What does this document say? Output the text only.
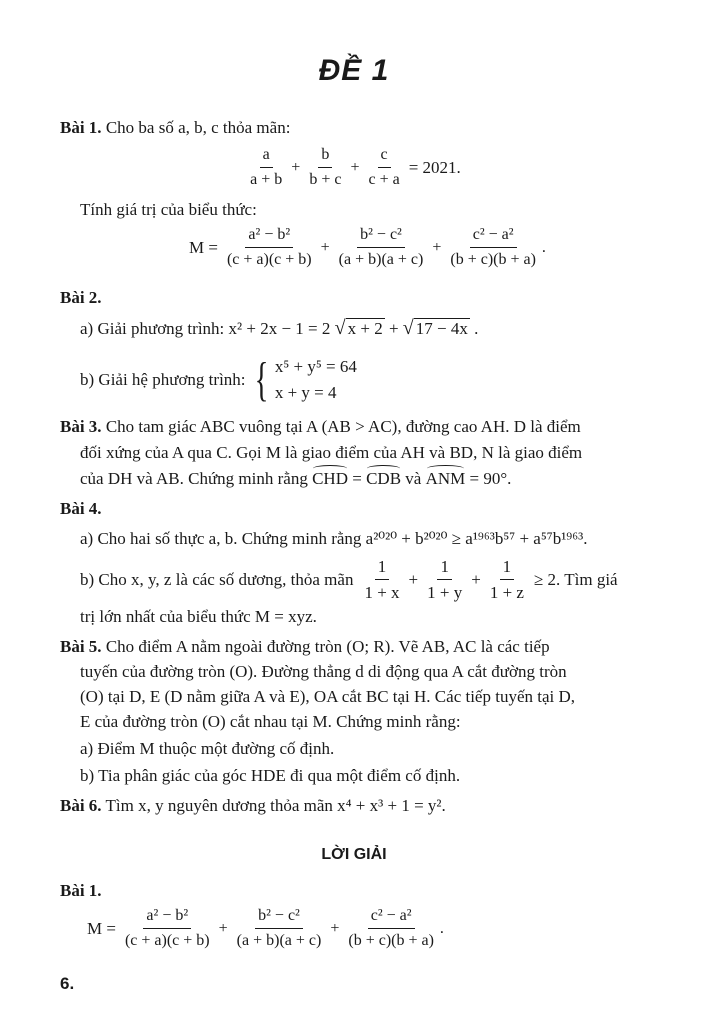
ĐỀ 1
Bài 1. Cho ba số a, b, c thỏa mãn:
$\frac{a}{a + b} + \frac{b}{b + c} + \frac{c}{c + a} = 2021$.
Tính giá trị của biểu thức:
$M = \frac{\text{a² − b²}}{(c + a)(c + b)} + \frac{\text{b² − c²}}{(a + b)(a + c)} + \frac{\text{c² − a²}}{(b + c)(b + a)}$ .
Bài 2.
a) Giải phương trình: x² + 2x − 1 = 2 √ x + 2 + √ 17 − 4x .
b) Giải hệ phương trình: { x⁵ + y⁵ = 64
x + y = 4
Bài 3. Cho tam giác ABC vuông tại A (AB > AC), đường cao AH. D là điểm
đối xứng của A qua C. Gọi M là giao điểm của AH và BD, N là giao điểm
của DH và AB. Chứng minh rằng CHD = CDB và ANM = 90°.
Bài 4.
a) Cho hai số thực a, b. Chứng minh rằng a²⁰²⁰ + b²⁰²⁰ ≥ a¹⁹⁶³b⁵⁷ + a⁵⁷b¹⁹⁶³.
b) Cho x, y, z là các số dương, thỏa mãn $\frac{1}{1 + x} + \frac{1}{1 + y} + \frac{1}{1 + z} \ge 2$. Tìm giá
trị lớn nhất của biểu thức M = xyz.
Bài 5. Cho điểm A nằm ngoài đường tròn (O; R). Vẽ AB, AC là các tiếp
tuyến của đường tròn (O). Đường thẳng d di động qua A cắt đường tròn
(O) tại D, E (D nằm giữa A và E), OA cắt BC tại H. Các tiếp tuyến tại D,
E của đường tròn (O) cắt nhau tại M. Chứng minh rằng:
a) Điểm M thuộc một đường cố định.
b) Tia phân giác của góc HDE đi qua một điểm cố định.
Bài 6. Tìm x, y nguyên dương thỏa mãn x⁴ + x³ + 1 = y².
LỜI GIẢI
Bài 1.
$M = \frac{\text{a² − b²}}{(c + a)(c + b)} + \frac{\text{b² − c²}}{(a + b)(a + c)} + \frac{\text{c² − a²}}{(b + c)(b + a)}$ .
6.
